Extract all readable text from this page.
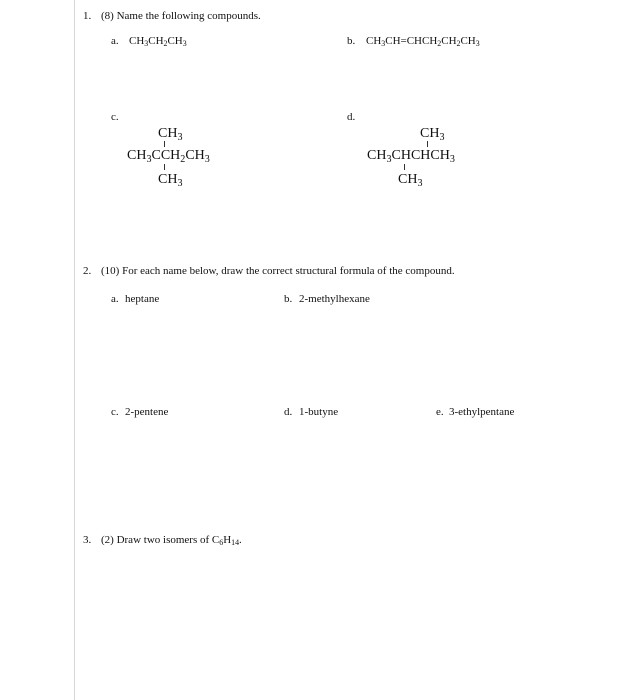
1. (8) Name the following compounds.
a. $CH_3CH_2CH_3$	b. $CH_3CH=CHCH_2CH_2CH_3$
c.
$CH_3$
$CH_3CCH_2CH_3$
$CH_3$
d.
$CH_3$
$CH_3CHCHCH_3$
$CH_3$
2. (10) For each name below, draw the correct structural formula of the compound.
a. heptane	b. 2-methylhexane
c. 2-pentene	d. 1-butyne	e. 3-ethylpentane
3. (2) Draw two isomers of $C_6H_{14}$.
